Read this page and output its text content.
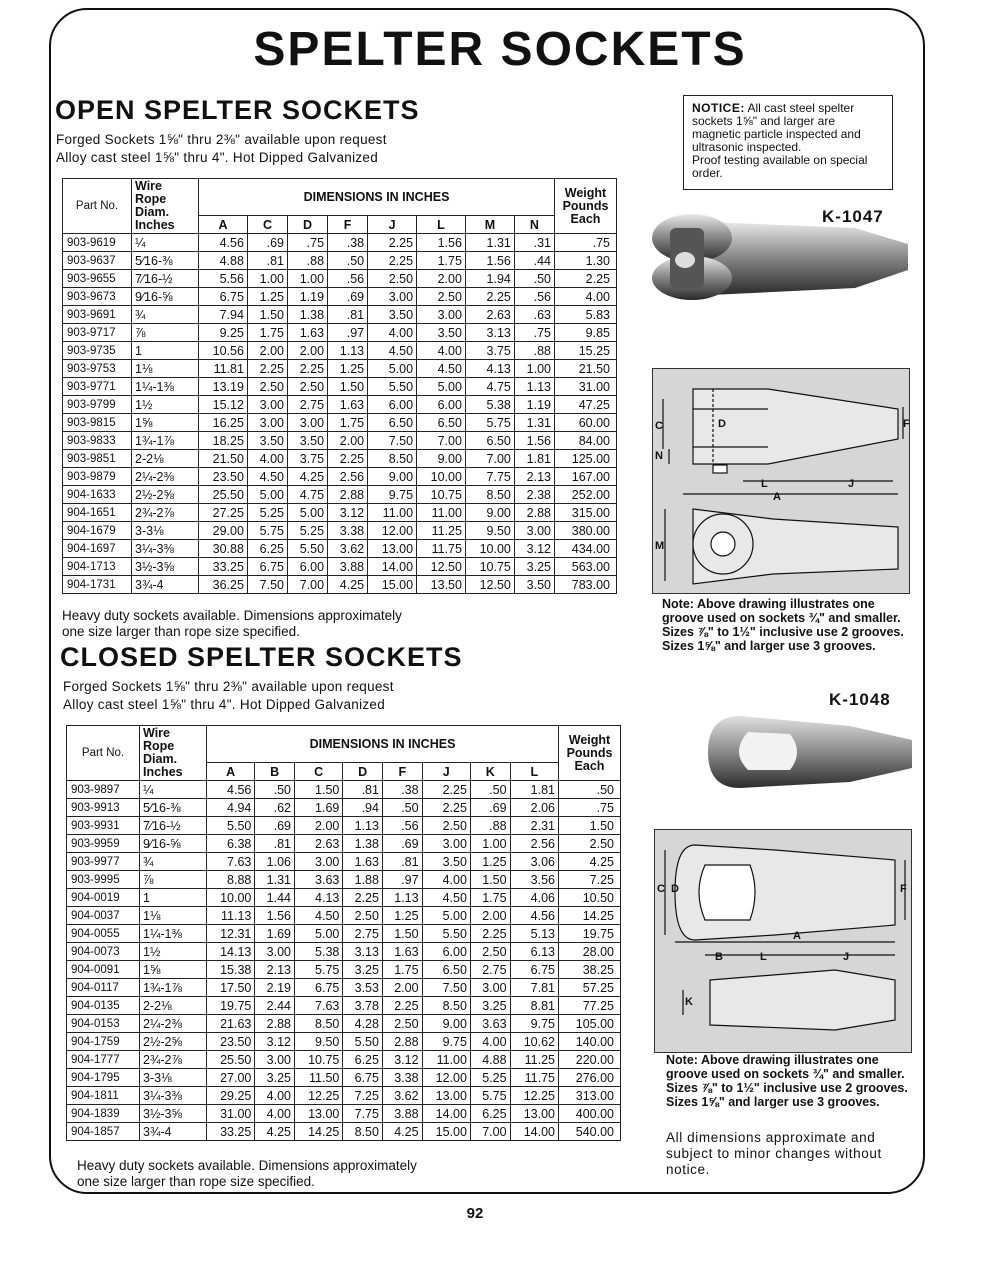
SPELTER SOCKETS
OPEN SPELTER SOCKETS
Forged Sockets 1⅝" thru 2⅜" available upon request
Alloy cast steel 1⅝" thru 4". Hot Dipped Galvanized
Part No.	Wire
Rope
Diam.
Inches	DIMENSIONS IN INCHES								Weight
Pounds
Each
		A	C	D	F	J	L	M	N	
903-9619	¼	4.56	.69	.75	.38	2.25	1.56	1.31	.31	.75
903-9637	5⁄16-⅜	4.88	.81	.88	.50	2.25	1.75	1.56	.44	1.30
903-9655	7⁄16-½	5.56	1.00	1.00	.56	2.50	2.00	1.94	.50	2.25
903-9673	9⁄16-⅝	6.75	1.25	1.19	.69	3.00	2.50	2.25	.56	4.00
903-9691	¾	7.94	1.50	1.38	.81	3.50	3.00	2.63	.63	5.83
903-9717	⅞	9.25	1.75	1.63	.97	4.00	3.50	3.13	.75	9.85
903-9735	1	10.56	2.00	2.00	1.13	4.50	4.00	3.75	.88	15.25
903-9753	1⅛	11.81	2.25	2.25	1.25	5.00	4.50	4.13	1.00	21.50
903-9771	1¼-1⅜	13.19	2.50	2.50	1.50	5.50	5.00	4.75	1.13	31.00
903-9799	1½	15.12	3.00	2.75	1.63	6.00	6.00	5.38	1.19	47.25
903-9815	1⅝	16.25	3.00	3.00	1.75	6.50	6.50	5.75	1.31	60.00
903-9833	1¾-1⅞	18.25	3.50	3.50	2.00	7.50	7.00	6.50	1.56	84.00
903-9851	2-2⅛	21.50	4.00	3.75	2.25	8.50	9.00	7.00	1.81	125.00
903-9879	2¼-2⅜	23.50	4.50	4.25	2.56	9.00	10.00	7.75	2.13	167.00
904-1633	2½-2⅝	25.50	5.00	4.75	2.88	9.75	10.75	8.50	2.38	252.00
904-1651	2¾-2⅞	27.25	5.25	5.00	3.12	11.00	11.00	9.00	2.88	315.00
904-1679	3-3⅛	29.00	5.75	5.25	3.38	12.00	11.25	9.50	3.00	380.00
904-1697	3¼-3⅜	30.88	6.25	5.50	3.62	13.00	11.75	10.00	3.12	434.00
904-1713	3½-3⅝	33.25	6.75	6.00	3.88	14.00	12.50	10.75	3.25	563.00
904-1731	3¾-4	36.25	7.50	7.00	4.25	15.00	13.50	12.50	3.50	783.00
Heavy duty sockets available. Dimensions approximately
one size larger than rope size specified.
CLOSED SPELTER SOCKETS
Forged Sockets 1⅝" thru 2⅜" available upon request
Alloy cast steel 1⅝" thru 4". Hot Dipped Galvanized
Part No.	Wire
Rope
Diam.
Inches	DIMENSIONS IN INCHES								Weight
Pounds
Each
		A	B	C	D	F	J	K	L	
903-9897	¼	4.56	.50	1.50	.81	.38	2.25	.50	1.81	.50
903-9913	5⁄16-⅜	4.94	.62	1.69	.94	.50	2.25	.69	2.06	.75
903-9931	7⁄16-½	5.50	.69	2.00	1.13	.56	2.50	.88	2.31	1.50
903-9959	9⁄16-⅝	6.38	.81	2.63	1.38	.69	3.00	1.00	2.56	2.50
903-9977	¾	7.63	1.06	3.00	1.63	.81	3.50	1.25	3.06	4.25
903-9995	⅞	8.88	1.31	3.63	1.88	.97	4.00	1.50	3.56	7.25
904-0019	1	10.00	1.44	4.13	2.25	1.13	4.50	1.75	4.06	10.50
904-0037	1⅛	11.13	1.56	4.50	2.50	1.25	5.00	2.00	4.56	14.25
904-0055	1¼-1⅜	12.31	1.69	5.00	2.75	1.50	5.50	2.25	5.13	19.75
904-0073	1½	14.13	3.00	5.38	3.13	1.63	6.00	2.50	6.13	28.00
904-0091	1⅝	15.38	2.13	5.75	3.25	1.75	6.50	2.75	6.75	38.25
904-0117	1¾-1⅞	17.50	2.19	6.75	3.53	2.00	7.50	3.00	7.81	57.25
904-0135	2-2⅛	19.75	2.44	7.63	3.78	2.25	8.50	3.25	8.81	77.25
904-0153	2¼-2⅜	21.63	2.88	8.50	4.28	2.50	9.00	3.63	9.75	105.00
904-1759	2½-2⅝	23.50	3.12	9.50	5.50	2.88	9.75	4.00	10.62	140.00
904-1777	2¾-2⅞	25.50	3.00	10.75	6.25	3.12	11.00	4.88	11.25	220.00
904-1795	3-3⅛	27.00	3.25	11.50	6.75	3.38	12.00	5.25	11.75	276.00
904-1811	3¼-3⅜	29.25	4.00	12.25	7.25	3.62	13.00	5.75	12.25	313.00
904-1839	3½-3⅝	31.00	4.00	13.00	7.75	3.88	14.00	6.25	13.00	400.00
904-1857	3¾-4	33.25	4.25	14.25	8.50	4.25	15.00	7.00	14.00	540.00
Heavy duty sockets available. Dimensions approximately
one size larger than rope size specified.
NOTICE: All cast steel spelter sockets 1⅝" and larger are magnetic particle inspected and ultrasonic inspected.
Proof testing available on special order.
K-1047
C	D	F
N
L
A
J
M
Note: Above drawing illustrates one
groove used on sockets ¾" and smaller.
Sizes ⅞" to 1½" inclusive use 2 grooves.
Sizes 1⅝" and larger use 3 grooves.
K-1048
C D	F
A
B	L	J
K
Note: Above drawing illustrates one
groove used on sockets ¾" and smaller.
Sizes ⅞" to 1½" inclusive use 2 grooves.
Sizes 1⅝" and larger use 3 grooves.
All dimensions approximate and
subject to minor changes without
notice.
92
